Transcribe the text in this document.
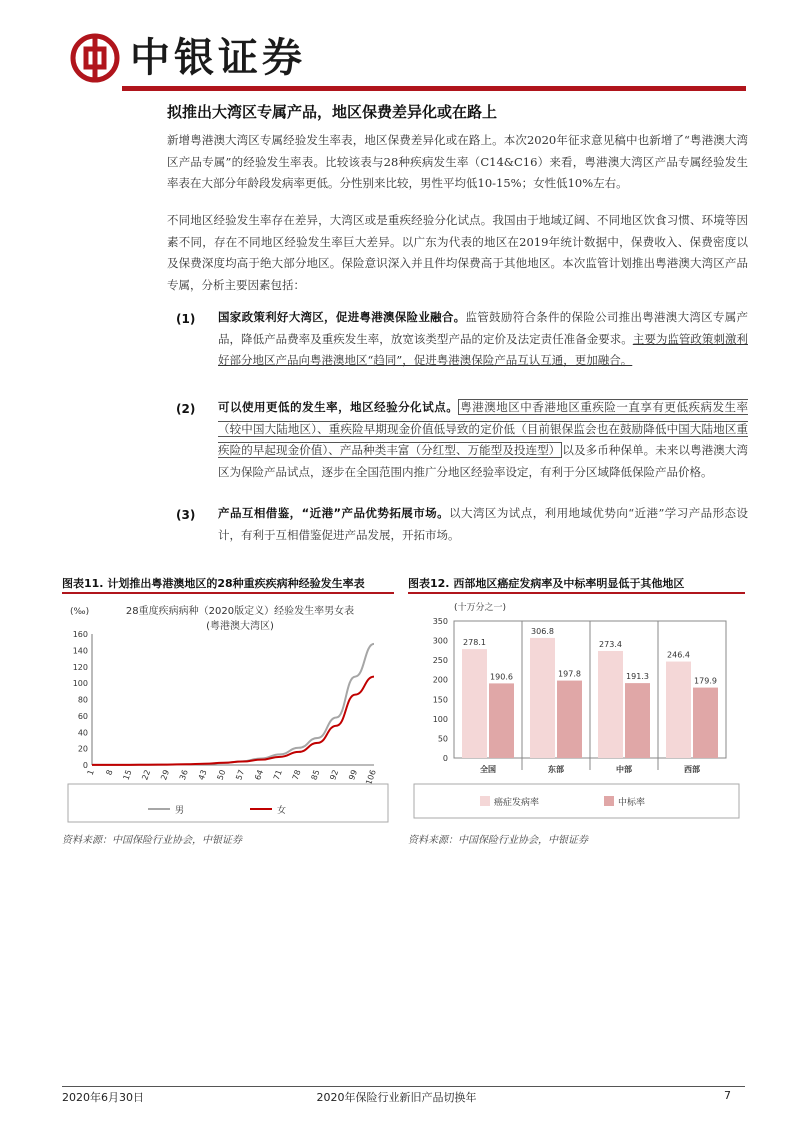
中银证券
拟推出大湾区专属产品，地区保费差异化或在路上
新增粤港澳大湾区专属经验发生率表，地区保费差异化或在路上。本次2020年征求意见稿中也新增了“粤港澳大湾区产品专属”的经验发生率表。比较该表与28种疾病发生率（C14&C16）来看，粤港澳大湾区产品专属经验发生率表在大部分年龄段发病率更低。分性别来比较，男性平均低10-15%；女性低10%左右。
不同地区经验发生率存在差异，大湾区或是重疾经验分化试点。我国由于地域辽阔、不同地区饮食习惯、环境等因素不同，存在不同地区经验发生率巨大差异。以广东为代表的地区在2019年统计数据中，保费收入、保费密度以及保费深度均高于绝大部分地区。保险意识深入并且件均保费高于其他地区。本次监管计划推出粤港澳大湾区产品专属，分析主要因素包括：
(1) 国家政策利好大湾区，促进粤港澳保险业融合。监管鼓励符合条件的保险公司推出粤港澳大湾区专属产品，降低产品费率及重疾发生率，放宽该类型产品的定价及法定责任准备金要求。主要为监管政策刺激利好部分地区产品向粤港澳地区“趋同”，促进粤港澳保险产品互认互通，更加融合。
(2) 可以使用更低的发生率，地区经验分化试点。 粤港澳地区中香港地区重疾险一直享有更低疾病发生率（较中国大陆地区）、重疾险早期现金价值低导致的定价低（目前银保监会也在鼓励降低中国大陆地区重疾险的早起现金价值）、产品种类丰富（分红型、万能型及投连型） 以及多币种保单。未来以粤港澳大湾区为保险产品试点，逐步在全国范围内推广分地区经验率设定，有利于分区域降低保险产品价格。
(3) 产品互相借鉴，“近港”产品优势拓展市场。以大湾区为试点，利用地域优势向“近港”学习产品形态设计，有利于互相借鉴促进产品发展，开拓市场。
图表11. 计划推出粤港澳地区的28种重疾疾病种经验发生率表	图表12. 西部地区癌症发病率及中标率明显低于其他地区
(‰)	28重度疾病病种（2020版定义）经验发生率男女表
(粤港澳大湾区)
0
20
40
60
80
100
120
140
160
1 8 15 22 29 36 43 50 57 64 71 78 85 92 99 106
男	女
(十万分之一)
0
50
100
150
200
250
300
350
278.1
190.6
306.8
197.8
273.4
191.3
246.4
179.9
全国	东部	中部	西部
癌症发病率	中标率
资料来源：中国保险行业协会，中银证券	资料来源：中国保险行业协会，中银证券
2020年6月30日	2020年保险行业新旧产品切换年	7
